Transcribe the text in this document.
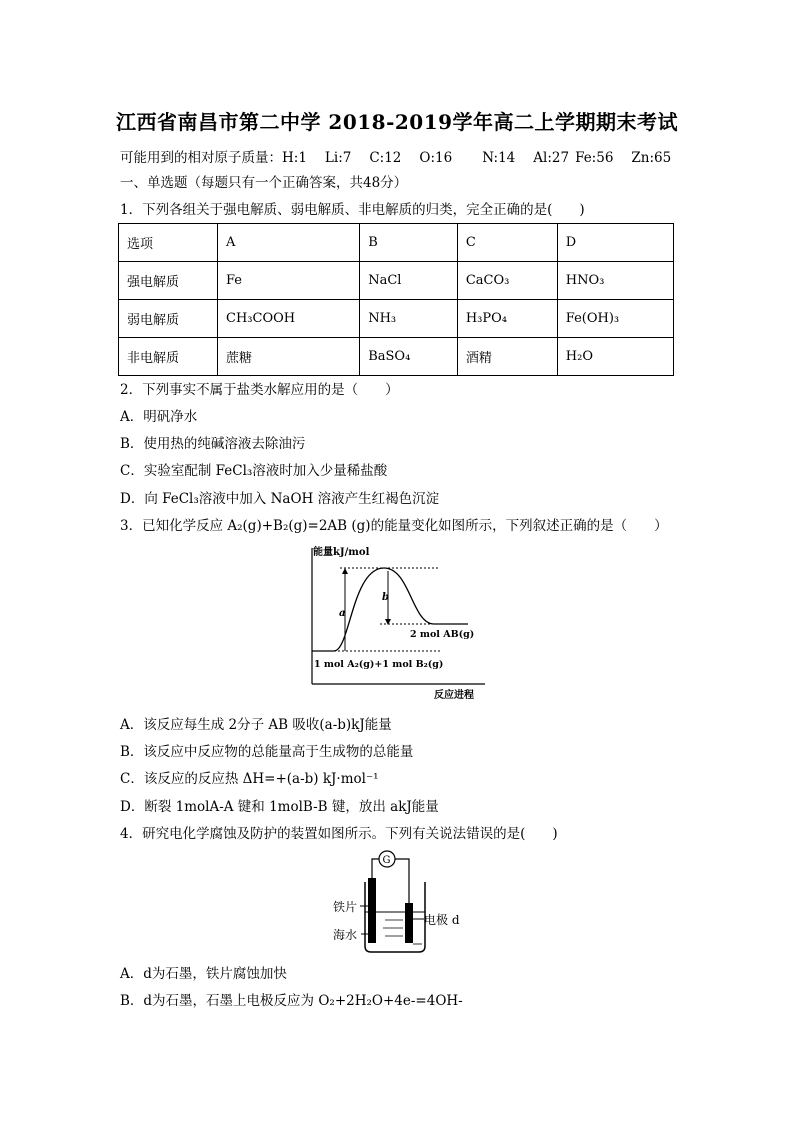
江西省南昌市第二中学 2018-2019学年高二上学期期末考试
可能用到的相对原子质量：H:1 Li:7 C:12 O:16 N:14 Al:27 Fe:56 Zn:65
一、单选题（每题只有一个正确答案，共48分）
1．下列各组关于强电解质、弱电解质、非电解质的归类，完全正确的是(　　)
选项	A	B	C	D
强电解质	Fe	NaCl	CaCO₃	HNO₃
弱电解质	CH₃COOH	NH₃	H₃PO₄	Fe(OH)₃
非电解质	蔗糖	BaSO₄	酒精	H₂O
2．下列事实不属于盐类水解应用的是（　　）
A．明矾净水
B．使用热的纯碱溶液去除油污
C．实验室配制 FeCl₃溶液时加入少量稀盐酸
D．向 FeCl₃溶液中加入 NaOH 溶液产生红褐色沉淀
3．已知化学反应 A₂(g)+B₂(g)=2AB (g)的能量变化如图所示，下列叙述正确的是（　　）
能量kJ/mol
反应进程
a
b
2 mol AB(g)
1 mol A₂(g)+1 mol B₂(g)
A．该反应每生成 2分子 AB 吸收(a-b)kJ能量
B．该反应中反应物的总能量高于生成物的总能量
C．该反应的反应热 ΔH=+(a-b) kJ·mol⁻¹
D．断裂 1molA-A 键和 1molB-B 键，放出 akJ能量
4．研究电化学腐蚀及防护的装置如图所示。下列有关说法错误的是(　　)
G
铁片
海水
电极 d
A．d为石墨，铁片腐蚀加快
B．d为石墨，石墨上电极反应为 O₂+2H₂O+4e-=4OH-
